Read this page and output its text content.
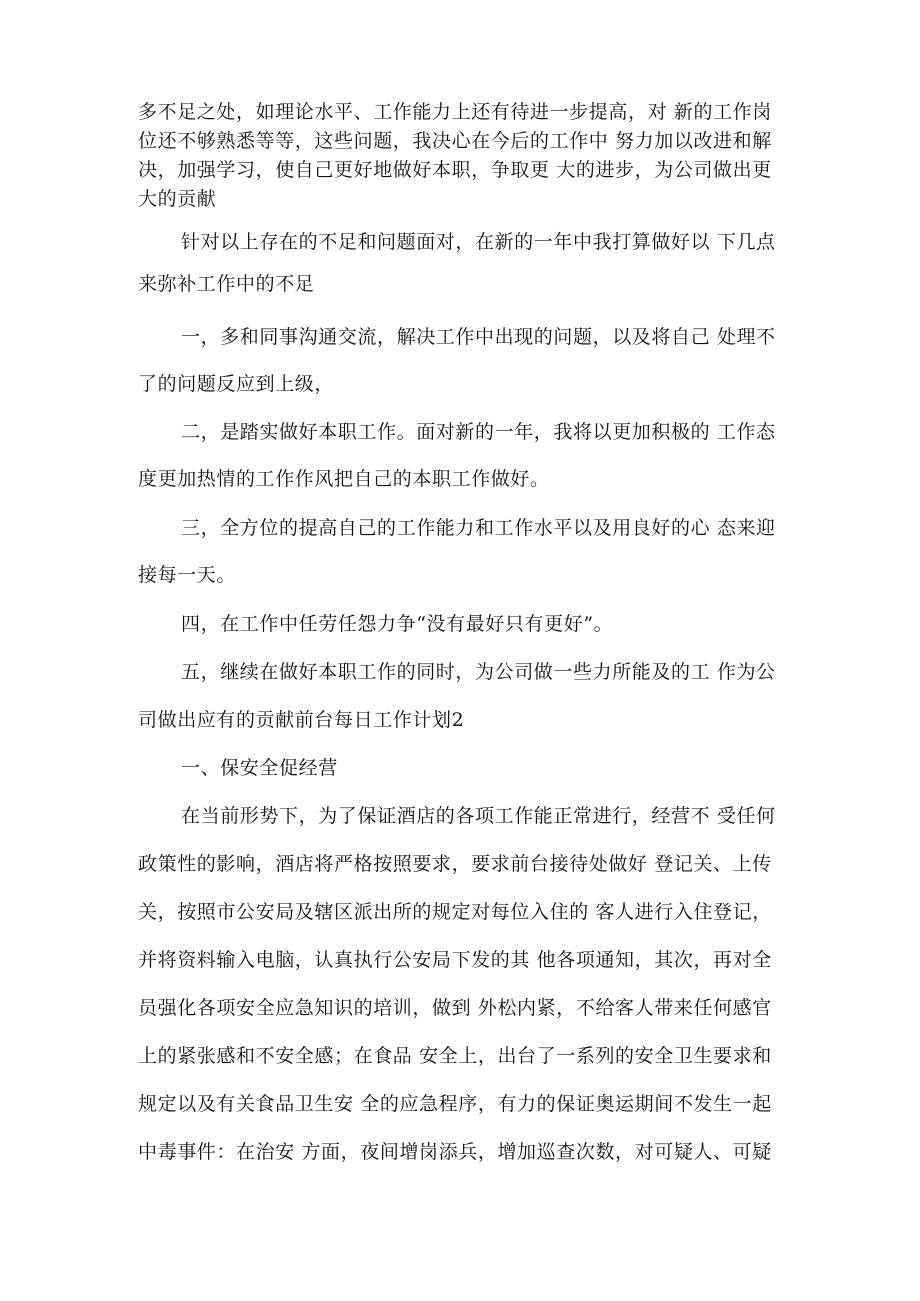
多不足之处，如理论水平、工作能力上还有待进一步提高，对 新的工作岗
位还不够熟悉等等，这些问题，我决心在今后的工作中 努力加以改进和解
决，加强学习，使自己更好地做好本职，争取更 大的进步，为公司做出更
大的贡献
针对以上存在的不足和问题面对，在新的一年中我打算做好以 下几点
来弥补工作中的不足
一，多和同事沟通交流，解决工作中出现的问题，以及将自己 处理不
了的问题反应到上级，
二，是踏实做好本职工作。面对新的一年，我将以更加积极的 工作态
度更加热情的工作作风把自己的本职工作做好。
三，全方位的提高自己的工作能力和工作水平以及用良好的心 态来迎
接每一天。
四，在工作中任劳任怨力争“没有最好只有更好”。
五，继续在做好本职工作的同时，为公司做一些力所能及的工 作为公
司做出应有的贡献前台每日工作计划2
一、保安全促经营
在当前形势下，为了保证酒店的各项工作能正常进行，经营不 受任何
政策性的影响，酒店将严格按照要求，要求前台接待处做好 登记关、上传
关，按照市公安局及辖区派出所的规定对每位入住的 客人进行入住登记，
并将资料输入电脑，认真执行公安局下发的其 他各项通知，其次，再对全
员强化各项安全应急知识的培训，做到 外松内紧，不给客人带来任何感官
上的紧张感和不安全感；在食品 安全上，出台了一系列的安全卫生要求和
规定以及有关食品卫生安 全的应急程序，有力的保证奥运期间不发生一起
中毒事件：在治安 方面，夜间增岗添兵，增加巡查次数，对可疑人、可疑
